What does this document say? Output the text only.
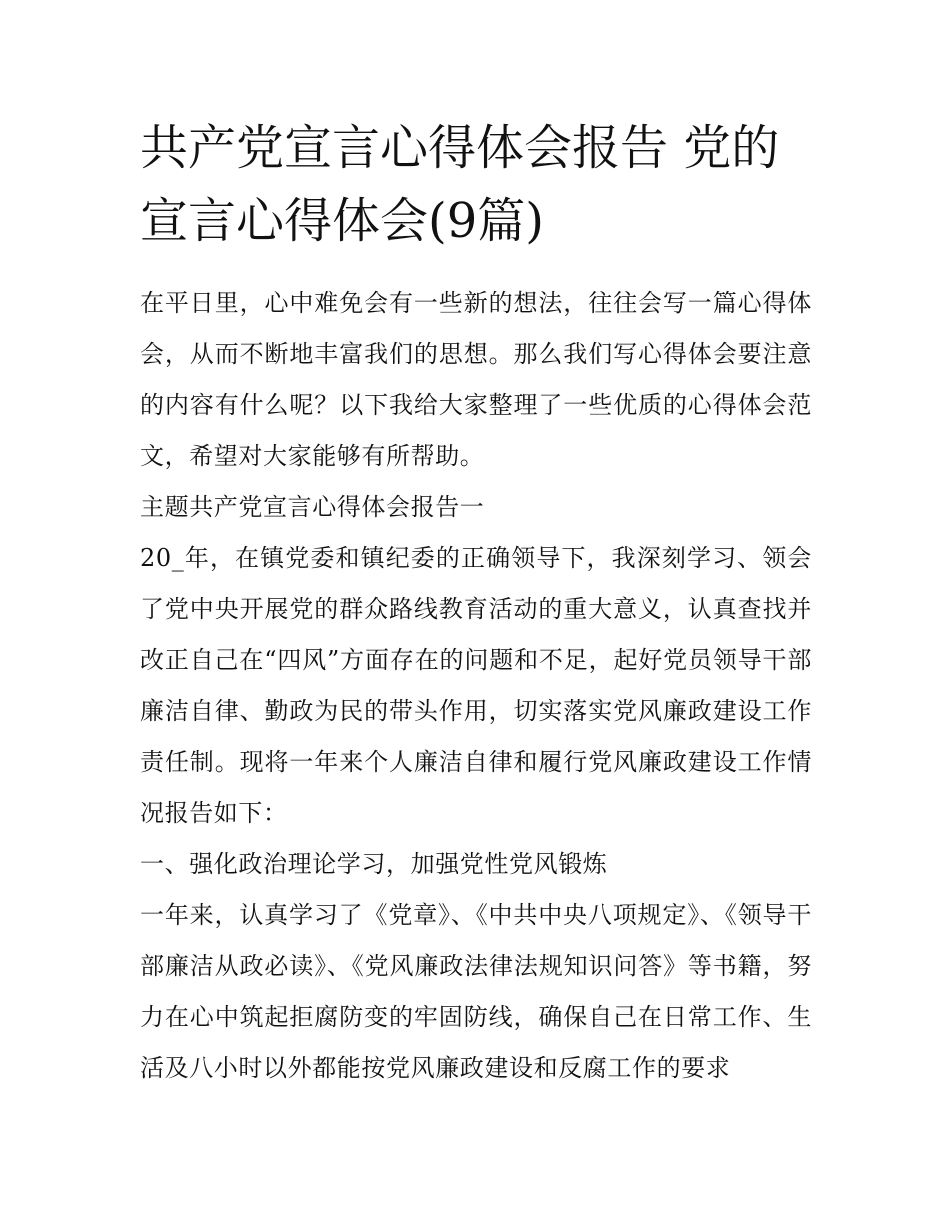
共产党宣言心得体会报告 党的宣言心得体会(9篇)

在平日里，心中难免会有一些新的想法，往往会写一篇心得体会，从而不断地丰富我们的思想。那么我们写心得体会要注意的内容有什么呢？以下我给大家整理了一些优质的心得体会范文，希望对大家能够有所帮助。

主题共产党宣言心得体会报告一

20_年，在镇党委和镇纪委的正确领导下，我深刻学习、领会了党中央开展党的群众路线教育活动的重大意义，认真查找并改正自己在“四风”方面存在的问题和不足，起好党员领导干部廉洁自律、勤政为民的带头作用，切实落实党风廉政建设工作责任制。现将一年来个人廉洁自律和履行党风廉政建设工作情况报告如下：

一、强化政治理论学习，加强党性党风锻炼

一年来，认真学习了《党章》、《中共中央八项规定》、《领导干部廉洁从政必读》、《党风廉政法律法规知识问答》等书籍，努力在心中筑起拒腐防变的牢固防线，确保自己在日常工作、生活及八小时以外都能按党风廉政建设和反腐工作的要求
